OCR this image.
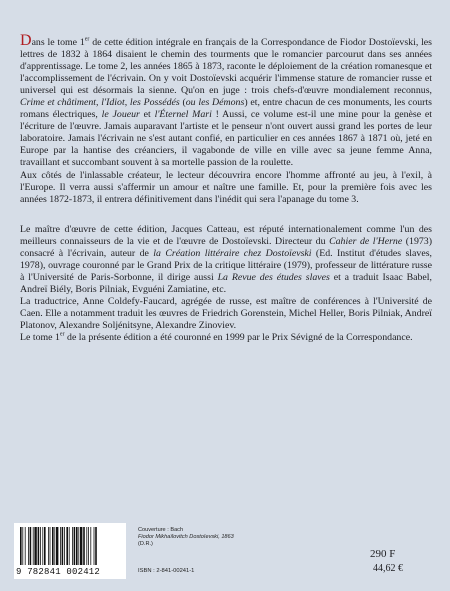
Dans le tome 1er de cette édition intégrale en français de la Correspondance de Fiodor Dostoïevski, les lettres de 1832 à 1864 disaient le chemin des tourments que le romancier parcourut dans ses années d'apprentissage. Le tome 2, les années 1865 à 1873, raconte le déploiement de la création romanesque et l'accomplissement de l'écrivain. On y voit Dostoïevski acquérir l'immense stature de romancier russe et universel qui est désormais la sienne. Qu'on en juge : trois chefs-d'œuvre mondialement reconnus, Crime et châtiment, l'Idiot, les Possédés (ou les Démons) et, entre chacun de ces monuments, les courts romans électriques, le Joueur et l'Éternel Mari ! Aussi, ce volume est-il une mine pour la genèse et l'écriture de l'œuvre. Jamais auparavant l'artiste et le penseur n'ont ouvert aussi grand les portes de leur laboratoire. Jamais l'écrivain ne s'est autant confié, en particulier en ces années 1867 à 1871 où, jeté en Europe par la hantise des créanciers, il vagabonde de ville en ville avec sa jeune femme Anna, travaillant et succombant souvent à sa mortelle passion de la roulette.

Aux côtés de l'inlassable créateur, le lecteur découvrira encore l'homme affronté au jeu, à l'exil, à l'Europe. Il verra aussi s'affermir un amour et naître une famille. Et, pour la première fois avec les années 1872-1873, il entrera définitivement dans l'inédit qui sera l'apanage du tome 3.

Le maître d'œuvre de cette édition, Jacques Catteau, est réputé internationalement comme l'un des meilleurs connaisseurs de la vie et de l'œuvre de Dostoïevski. Directeur du Cahier de l'Herne (1973) consacré à l'écrivain, auteur de la Création littéraire chez Dostoïevski (Ed. Institut d'études slaves, 1978), ouvrage couronné par le Grand Prix de la critique littéraire (1979), professeur de littérature russe à l'Université de Paris-Sorbonne, il dirige aussi La Revue des études slaves et a traduit Isaac Babel, Andreï Biély, Boris Pilniak, Evguéni Zamiatine, etc.

La traductrice, Anne Coldefy-Faucard, agrégée de russe, est maître de conférences à l'Université de Caen. Elle a notamment traduit les œuvres de Friedrich Gorenstein, Michel Heller, Boris Pilniak, Andreï Platonov, Alexandre Soljénitsyne, Alexandre Zinoviev.

Le tome 1er de la présente édition a été couronné en 1999 par le Prix Sévigné de la Correspondance.

9 782841 002412
Couverture : Bach
Fiodor Mikhaïlovitch Dostoïevski, 1863
(D.R.)
ISBN : 2-841-00241-1
290 F
44,62 €
